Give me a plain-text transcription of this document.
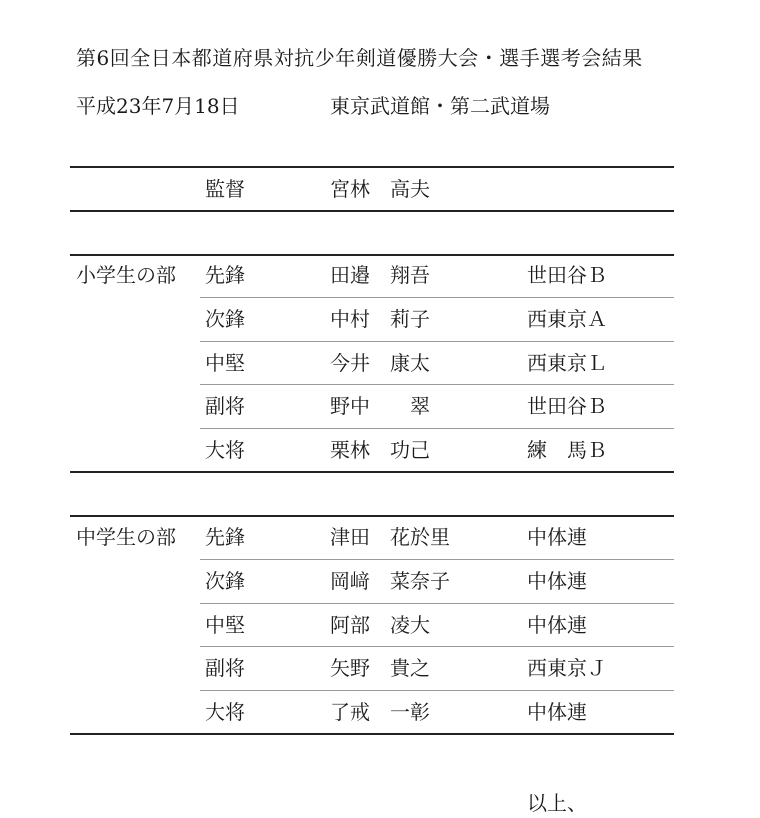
第6回全日本都道府県対抗少年剣道優勝大会・選手選考会結果
平成23年7月18日	東京武道館・第二武道場
監督	宮林　高夫
小学生の部 先鋒	田邉　翔吾	世田谷Ｂ
次鋒	中村　莉子	西東京Ａ
中堅	今井　康太	西東京Ｌ
副将	野中　　翠	世田谷Ｂ
大将	栗林　功己	練　馬Ｂ
中学生の部 先鋒	津田　花於里	中体連
次鋒	岡﨑　菜奈子	中体連
中堅	阿部　凌大	中体連
副将	矢野　貴之	西東京Ｊ
大将	了戒　一彰	中体連
以上、
